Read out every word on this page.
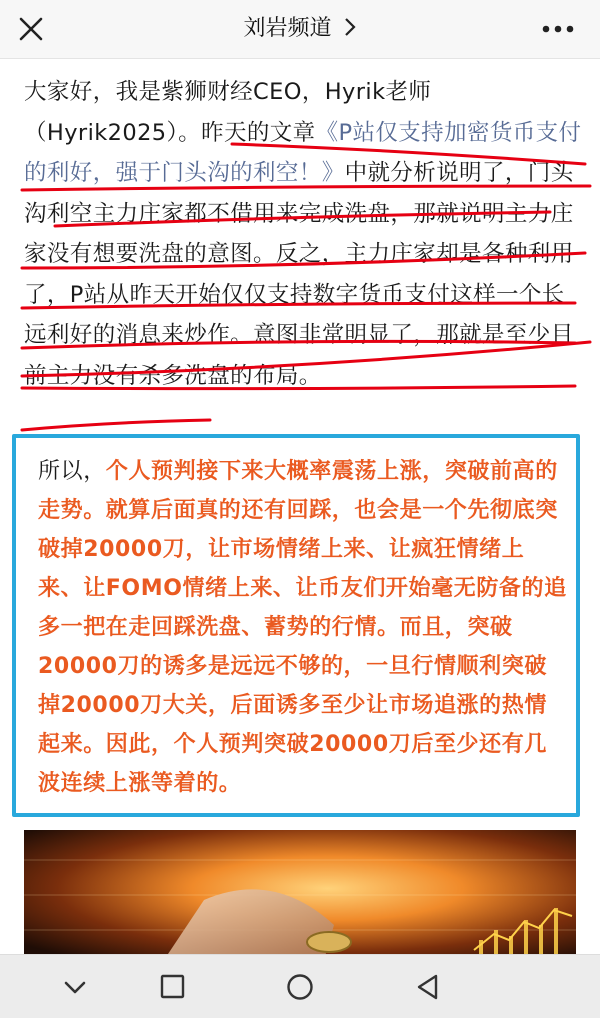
刘岩频道
大家好，我是紫狮财经CEO，Hyrik老师（Hyrik2025）。昨天的文章《P站仅支持加密货币支付的利好，强于门头沟的利空！》中就分析说明了，门头沟利空主力庄家都不借用来完成洗盘，那就说明主力庄家没有想要洗盘的意图。反之，主力庄家却是各种利用了，P站从昨天开始仅仅支持数字货币支付这样一个长远利好的消息来炒作。意图非常明显了，那就是至少目前主力没有杀多洗盘的布局。
所以，个人预判接下来大概率震荡上涨，突破前高的走势。就算后面真的还有回踩，也会是一个先彻底突破掉20000刀，让市场情绪上来、让疯狂情绪上来、让FOMO情绪上来、让币友们开始毫无防备的追多一把在走回踩洗盘、蓄势的行情。而且，突破20000刀的诱多是远远不够的，一旦行情顺利突破掉20000刀大关，后面诱多至少让市场追涨的热情起来。因此，个人预判突破20000刀后至少还有几波连续上涨等着的。
